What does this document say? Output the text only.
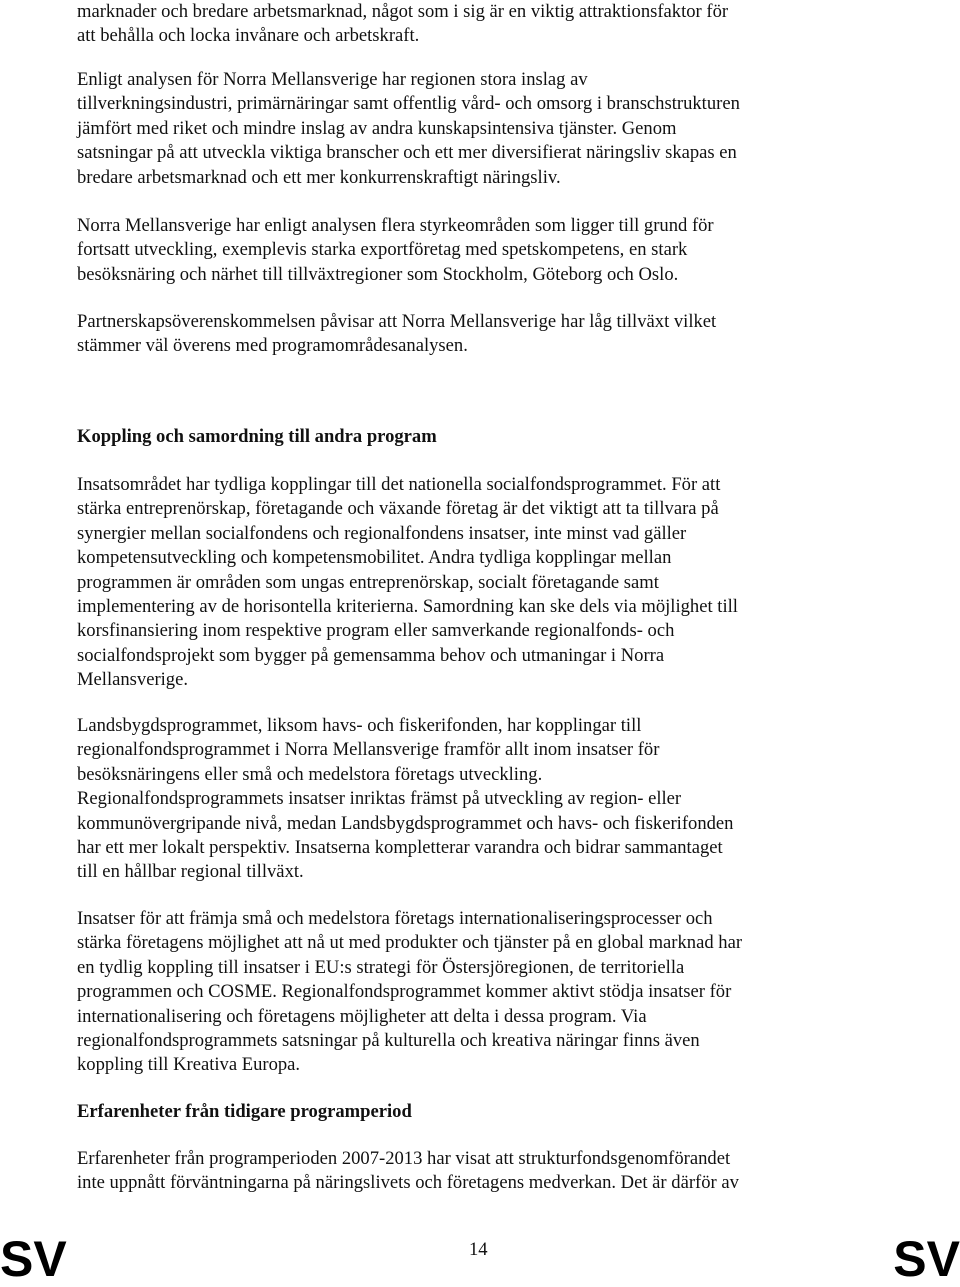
marknader och bredare arbetsmarknad, något som i sig är en viktig attraktionsfaktor för
att behålla och locka invånare och arbetskraft.

Enligt analysen för Norra Mellansverige har regionen stora inslag av
tillverkningsindustri, primärnäringar samt offentlig vård- och omsorg i branschstrukturen
jämfört med riket och mindre inslag av andra kunskapsintensiva tjänster. Genom
satsningar på att utveckla viktiga branscher och ett mer diversifierat näringsliv skapas en
bredare arbetsmarknad och ett mer konkurrenskraftigt näringsliv.

Norra Mellansverige har enligt analysen flera styrkeområden som ligger till grund för
fortsatt utveckling, exemplevis starka exportföretag med spetskompetens, en stark
besöksnäring och närhet till tillväxtregioner som Stockholm, Göteborg och Oslo.

Partnerskapsöverenskommelsen påvisar att Norra Mellansverige har låg tillväxt vilket
stämmer väl överens med programområdesanalysen.

Koppling och samordning till andra program

Insatsområdet har tydliga kopplingar till det nationella socialfondsprogrammet. För att
stärka entreprenörskap, företagande och växande företag är det viktigt att ta tillvara på
synergier mellan socialfondens och regionalfondens insatser, inte minst vad gäller
kompetensutveckling och kompetensmobilitet. Andra tydliga kopplingar mellan
programmen är områden som ungas entreprenörskap, socialt företagande samt
implementering av de horisontella kriterierna. Samordning kan ske dels via möjlighet till
korsfinansiering inom respektive program eller samverkande regionalfonds- och
socialfondsprojekt som bygger på gemensamma behov och utmaningar i Norra
Mellansverige.

Landsbygdsprogrammet, liksom havs- och fiskerifonden, har kopplingar till
regionalfondsprogrammet i Norra Mellansverige framför allt inom insatser för
besöksnäringens eller små och medelstora företags utveckling.
Regionalfondsprogrammets insatser inriktas främst på utveckling av region- eller
kommunövergripande nivå, medan Landsbygdsprogrammet och havs- och fiskerifonden
har ett mer lokalt perspektiv. Insatserna kompletterar varandra och bidrar sammantaget
till en hållbar regional tillväxt.

Insatser för att främja små och medelstora företags internationaliseringsprocesser och
stärka företagens möjlighet att nå ut med produkter och tjänster på en global marknad har
en tydlig koppling till insatser i EU:s strategi för Östersjöregionen, de territoriella
programmen och COSME. Regionalfondsprogrammet kommer aktivt stödja insatser för
internationalisering och företagens möjligheter att delta i dessa program. Via
regionalfondsprogrammets satsningar på kulturella och kreativa näringar finns även
koppling till Kreativa Europa.

Erfarenheter från tidigare programperiod

Erfarenheter från programperioden 2007-2013 har visat att strukturfondsgenomförandet
inte uppnått förväntningarna på näringslivets och företagens medverkan. Det är därför av

SV	14	SV
